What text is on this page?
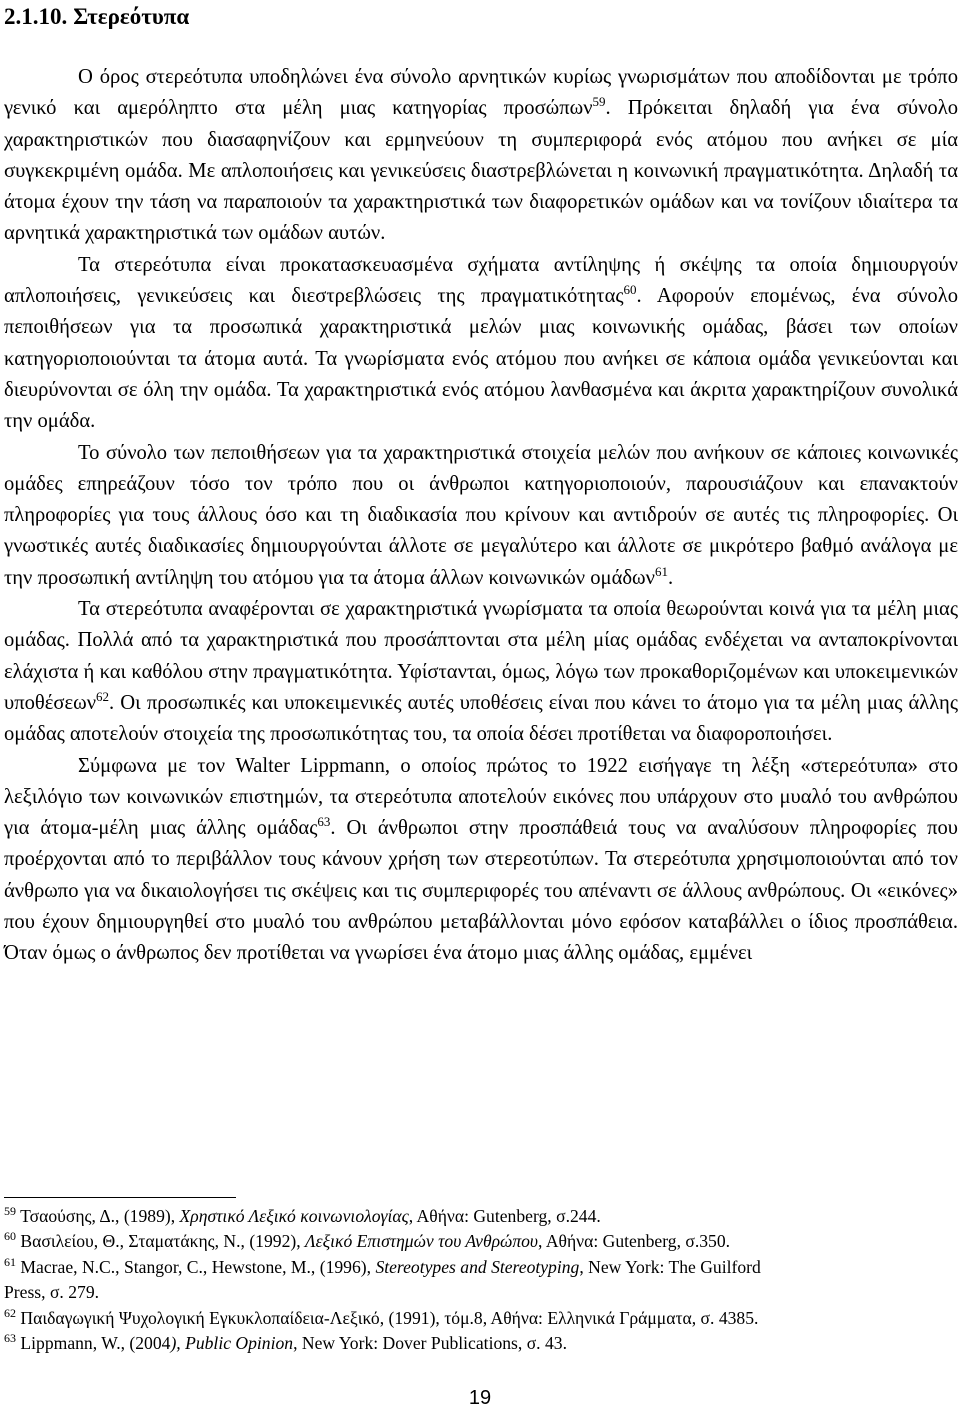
2.1.10. Στερεότυπα

Ο όρος στερεότυπα υποδηλώνει ένα σύνολο αρνητικών κυρίως γνωρισμάτων που αποδίδονται με τρόπο γενικό και αμερόληπτο στα μέλη μιας κατηγορίας προσώπων$^{59}$. Πρόκειται δηλαδή για ένα σύνολο χαρακτηριστικών που διασαφηνίζουν και ερμηνεύουν τη συμπεριφορά ενός ατόμου που ανήκει σε μία συγκεκριμένη ομάδα. Με απλοποιήσεις και γενικεύσεις διαστρεβλώνεται η κοινωνική πραγματικότητα. Δηλαδή τα άτομα έχουν την τάση να παραποιούν τα χαρακτηριστικά των διαφορετικών ομάδων και να τονίζουν ιδιαίτερα τα αρνητικά χαρακτηριστικά των ομάδων αυτών.

Τα στερεότυπα είναι προκατασκευασμένα σχήματα αντίληψης ή σκέψης τα οποία δημιουργούν απλοποιήσεις, γενικεύσεις και διεστρεβλώσεις της πραγματικότητας$^{60}$. Αφορούν επομένως, ένα σύνολο πεποιθήσεων για τα προσωπικά χαρακτηριστικά μελών μιας κοινωνικής ομάδας, βάσει των οποίων κατηγοριοποιούνται τα άτομα αυτά. Τα γνωρίσματα ενός ατόμου που ανήκει σε κάποια ομάδα γενικεύονται και διευρύνονται σε όλη την ομάδα. Τα χαρακτηριστικά ενός ατόμου λανθασμένα και άκριτα χαρακτηρίζουν συνολικά την ομάδα.

Το σύνολο των πεποιθήσεων για τα χαρακτηριστικά στοιχεία μελών που ανήκουν σε κάποιες κοινωνικές ομάδες επηρεάζουν τόσο τον τρόπο που οι άνθρωποι κατηγοριοποιούν, παρουσιάζουν και επανακτούν πληροφορίες για τους άλλους όσο και τη διαδικασία που κρίνουν και αντιδρούν σε αυτές τις πληροφορίες. Οι γνωστικές αυτές διαδικασίες δημιουργούνται άλλοτε σε μεγαλύτερο και άλλοτε σε μικρότερο βαθμό ανάλογα με την προσωπική αντίληψη του ατόμου για τα άτομα άλλων κοινωνικών ομάδων$^{61}$.

Τα στερεότυπα αναφέρονται σε χαρακτηριστικά γνωρίσματα τα οποία θεωρούνται κοινά για τα μέλη μιας ομάδας. Πολλά από τα χαρακτηριστικά που προσάπτονται στα μέλη μίας ομάδας ενδέχεται να ανταποκρίνονται ελάχιστα ή και καθόλου στην πραγματικότητα. Υφίστανται, όμως, λόγω των προκαθοριζομένων και υποκειμενικών υποθέσεων$^{62}$. Οι προσωπικές και υποκειμενικές αυτές υποθέσεις είναι που κάνει το άτομο για τα μέλη μιας άλλης ομάδας αποτελούν στοιχεία της προσωπικότητας του, τα οποία δέσει προτίθεται να διαφοροποιήσει.

Σύμφωνα με τον Walter Lippmann, ο οποίος πρώτος το 1922 εισήγαγε τη λέξη «στερεότυπα» στο λεξιλόγιο των κοινωνικών επιστημών, τα στερεότυπα αποτελούν εικόνες που υπάρχουν στο μυαλό του ανθρώπου για άτομα-μέλη μιας άλλης ομάδας$^{63}$. Οι άνθρωποι στην προσπάθειά τους να αναλύσουν πληροφορίες που προέρχονται από το περιβάλλον τους κάνουν χρήση των στερεοτύπων. Τα στερεότυπα χρησιμοποιούνται από τον άνθρωπο για να δικαιολογήσει τις σκέψεις και τις συμπεριφορές του απέναντι σε άλλους ανθρώπους. Οι «εικόνες» που έχουν δημιουργηθεί στο μυαλό του ανθρώπου μεταβάλλονται μόνο εφόσον καταβάλλει ο ίδιος προσπάθεια. Όταν όμως ο άνθρωπος δεν προτίθεται να γνωρίσει ένα άτομο μιας άλλης ομάδας, εμμένει

$^{59}$ Τσαούσης, Δ., (1989), Χρηστικό Λεξικό κοινωνιολογίας, Αθήνα: Gutenberg, σ.244.
$^{60}$ Βασιλείου, Θ., Σταματάκης, Ν., (1992), Λεξικό Επιστημών του Ανθρώπου, Αθήνα: Gutenberg, σ.350.
$^{61}$ Macrae, N.C., Stangor, C., Hewstone, M., (1996), Stereotypes and Stereotyping, New York: The Guilford
Press, σ. 279.
$^{62}$ Παιδαγωγική Ψυχολογική Εγκυκλοπαίδεια-Λεξικό, (1991), τόμ.8, Αθήνα: Ελληνικά Γράμματα, σ. 4385.
$^{63}$ Lippmann, W., (2004), Public Opinion, New York: Dover Publications, σ. 43.
19
